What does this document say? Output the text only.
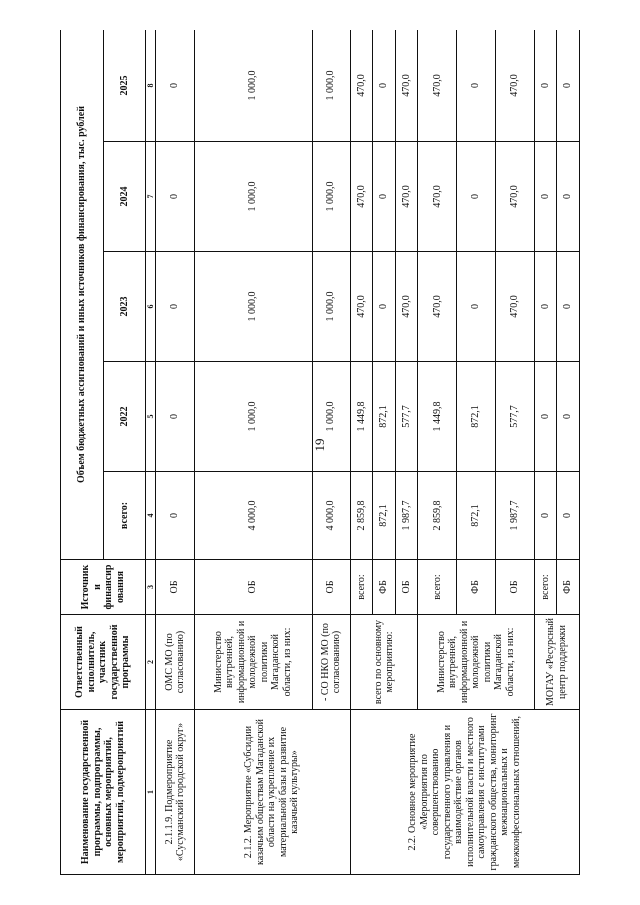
19
Наименование государственной программы, подпрограммы, основных мероприятий, мероприятий, подмероприятий	Ответственный исполнитель, участник государственной программы	Источники финансирования	Объем бюджетных ассигнований и иных источников финансирования, тыс. рублей				
			всего:	2022	2023	2024	2025
1	2	3	4	5	6	7	8
2.1.1.9. Подмероприятие «Сусуманский городской округ»	ОМС МО (по согласованию)	ОБ	0	0	0	0	0
2.1.2. Мероприятие «Субсидии казачьим обществам Магаданской области на укрепление их материальной базы и развитие казачьей культуры»	Министерство внутренней, информационной и молодежной политики Магаданской области, из них:	ОБ	4 000,0	1 000,0	1 000,0	1 000,0	1 000,0
	- СО НКО МО (по согласованию)	ОБ	4 000,0	1 000,0	1 000,0	1 000,0	1 000,0
2.2. Основное мероприятие «Мероприятия по совершенствованию государственного управления и взаимодействие органов исполнительной власти и местного самоуправления с институтами гражданского общества, мониторинг межнациональных и межконфессиональных отношений,	всего по основному мероприятию:	всего:	2 859,8	1 449,8	470,0	470,0	470,0
		ФБ	872,1	872,1	0	0	0
		ОБ	1 987,7	577,7	470,0	470,0	470,0
	Министерство внутренней, информационной и молодежной политики Магаданской области, из них:	всего:	2 859,8	1 449,8	470,0	470,0	470,0
		ФБ	872,1	872,1	0	0	0
		ОБ	1 987,7	577,7	470,0	470,0	470,0
	МОГАУ «Ресурсный центр поддержки	всего:	0	0	0	0	0
		ФБ	0	0	0	0	0
